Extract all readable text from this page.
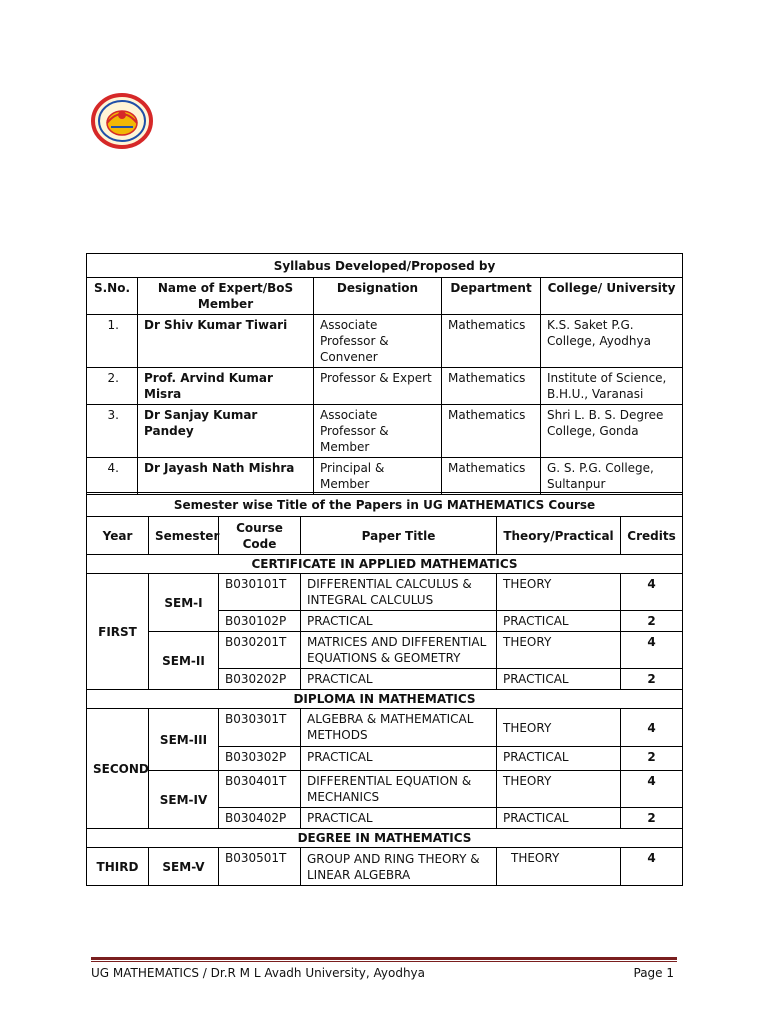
Syllabus Developed/Proposed by				
S.No.	Name of Expert/BoS Member	Designation	Department	College/ University
1.	Dr Shiv Kumar Tiwari	Associate Professor & Convener	Mathematics	K.S. Saket P.G. College, Ayodhya
2.	Prof. Arvind Kumar Misra	Professor & Expert	Mathematics	Institute of Science, B.H.U., Varanasi
3.	Dr Sanjay Kumar Pandey	Associate Professor & Member	Mathematics	Shri L. B. S. Degree College, Gonda
4.	Dr Jayash Nath Mishra	Principal & Member	Mathematics	G. S. P.G. College, Sultanpur
Semester wise Title of the Papers in UG MATHEMATICS Course					
Year	Semester	Course Code	Paper Title	Theory/Practical	Credits
CERTIFICATE IN APPLIED MATHEMATICS					
FIRST	SEM-I	B030101T	DIFFERENTIAL CALCULUS & INTEGRAL CALCULUS	THEORY	4
		B030102P	PRACTICAL	PRACTICAL	2
	SEM-II	B030201T	MATRICES AND DIFFERENTIAL EQUATIONS & GEOMETRY	THEORY	4
		B030202P	PRACTICAL	PRACTICAL	2
DIPLOMA IN MATHEMATICS					
SECOND	SEM-III	B030301T	ALGEBRA & MATHEMATICAL METHODS	THEORY	4
		B030302P	PRACTICAL	PRACTICAL	2
	SEM-IV	B030401T	DIFFERENTIAL EQUATION & MECHANICS	THEORY	4
		B030402P	PRACTICAL	PRACTICAL	2
DEGREE IN MATHEMATICS					
THIRD	SEM-V	B030501T	GROUP AND RING THEORY & LINEAR ALGEBRA	THEORY	4
UG MATHEMATICS / Dr.R M L Avadh University, Ayodhya	Page 1
